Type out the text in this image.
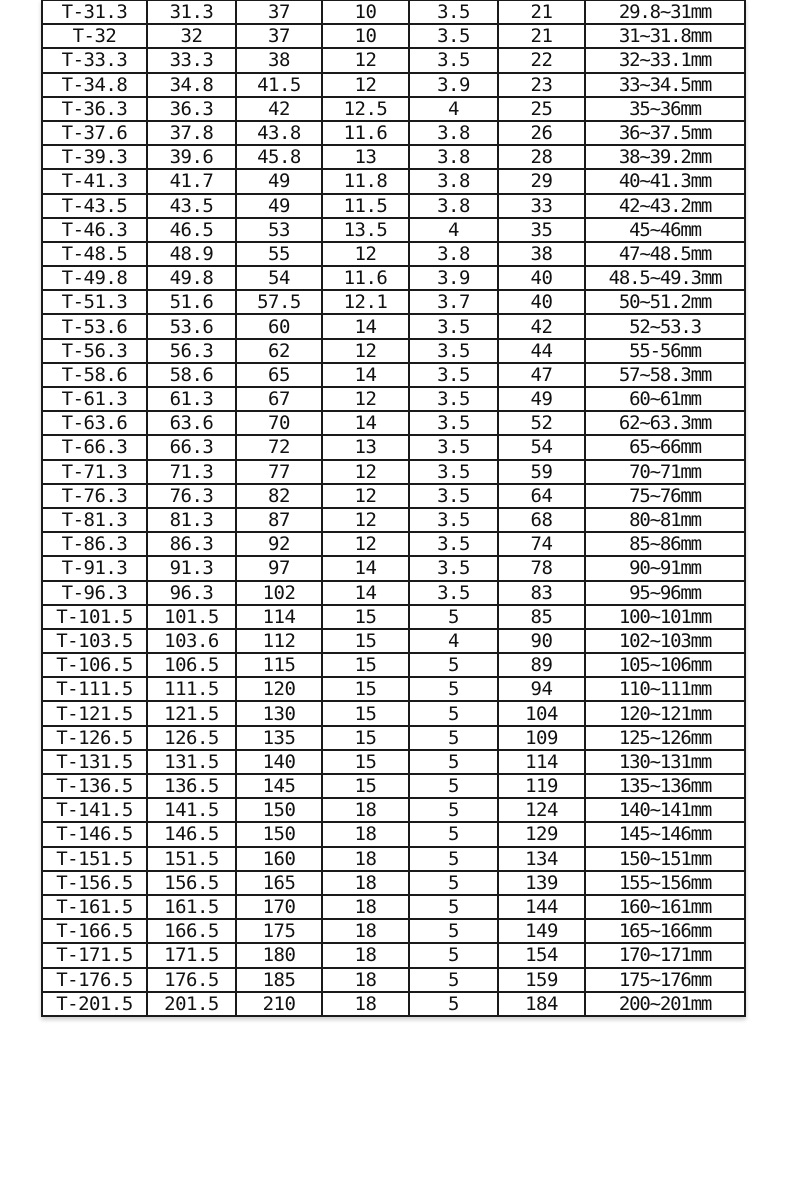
T-31.3	31.3	37	10	3.5	21	29.8~31mm
T-32	32	37	10	3.5	21	31~31.8mm
T-33.3	33.3	38	12	3.5	22	32~33.1mm
T-34.8	34.8	41.5	12	3.9	23	33~34.5mm
T-36.3	36.3	42	12.5	4	25	35~36mm
T-37.6	37.8	43.8	11.6	3.8	26	36~37.5mm
T-39.3	39.6	45.8	13	3.8	28	38~39.2mm
T-41.3	41.7	49	11.8	3.8	29	40~41.3mm
T-43.5	43.5	49	11.5	3.8	33	42~43.2mm
T-46.3	46.5	53	13.5	4	35	45~46mm
T-48.5	48.9	55	12	3.8	38	47~48.5mm
T-49.8	49.8	54	11.6	3.9	40	48.5~49.3mm
T-51.3	51.6	57.5	12.1	3.7	40	50~51.2mm
T-53.6	53.6	60	14	3.5	42	52~53.3
T-56.3	56.3	62	12	3.5	44	55-56mm
T-58.6	58.6	65	14	3.5	47	57~58.3mm
T-61.3	61.3	67	12	3.5	49	60~61mm
T-63.6	63.6	70	14	3.5	52	62~63.3mm
T-66.3	66.3	72	13	3.5	54	65~66mm
T-71.3	71.3	77	12	3.5	59	70~71mm
T-76.3	76.3	82	12	3.5	64	75~76mm
T-81.3	81.3	87	12	3.5	68	80~81mm
T-86.3	86.3	92	12	3.5	74	85~86mm
T-91.3	91.3	97	14	3.5	78	90~91mm
T-96.3	96.3	102	14	3.5	83	95~96mm
T-101.5	101.5	114	15	5	85	100~101mm
T-103.5	103.6	112	15	4	90	102~103mm
T-106.5	106.5	115	15	5	89	105~106mm
T-111.5	111.5	120	15	5	94	110~111mm
T-121.5	121.5	130	15	5	104	120~121mm
T-126.5	126.5	135	15	5	109	125~126mm
T-131.5	131.5	140	15	5	114	130~131mm
T-136.5	136.5	145	15	5	119	135~136mm
T-141.5	141.5	150	18	5	124	140~141mm
T-146.5	146.5	150	18	5	129	145~146mm
T-151.5	151.5	160	18	5	134	150~151mm
T-156.5	156.5	165	18	5	139	155~156mm
T-161.5	161.5	170	18	5	144	160~161mm
T-166.5	166.5	175	18	5	149	165~166mm
T-171.5	171.5	180	18	5	154	170~171mm
T-176.5	176.5	185	18	5	159	175~176mm
T-201.5	201.5	210	18	5	184	200~201mm
